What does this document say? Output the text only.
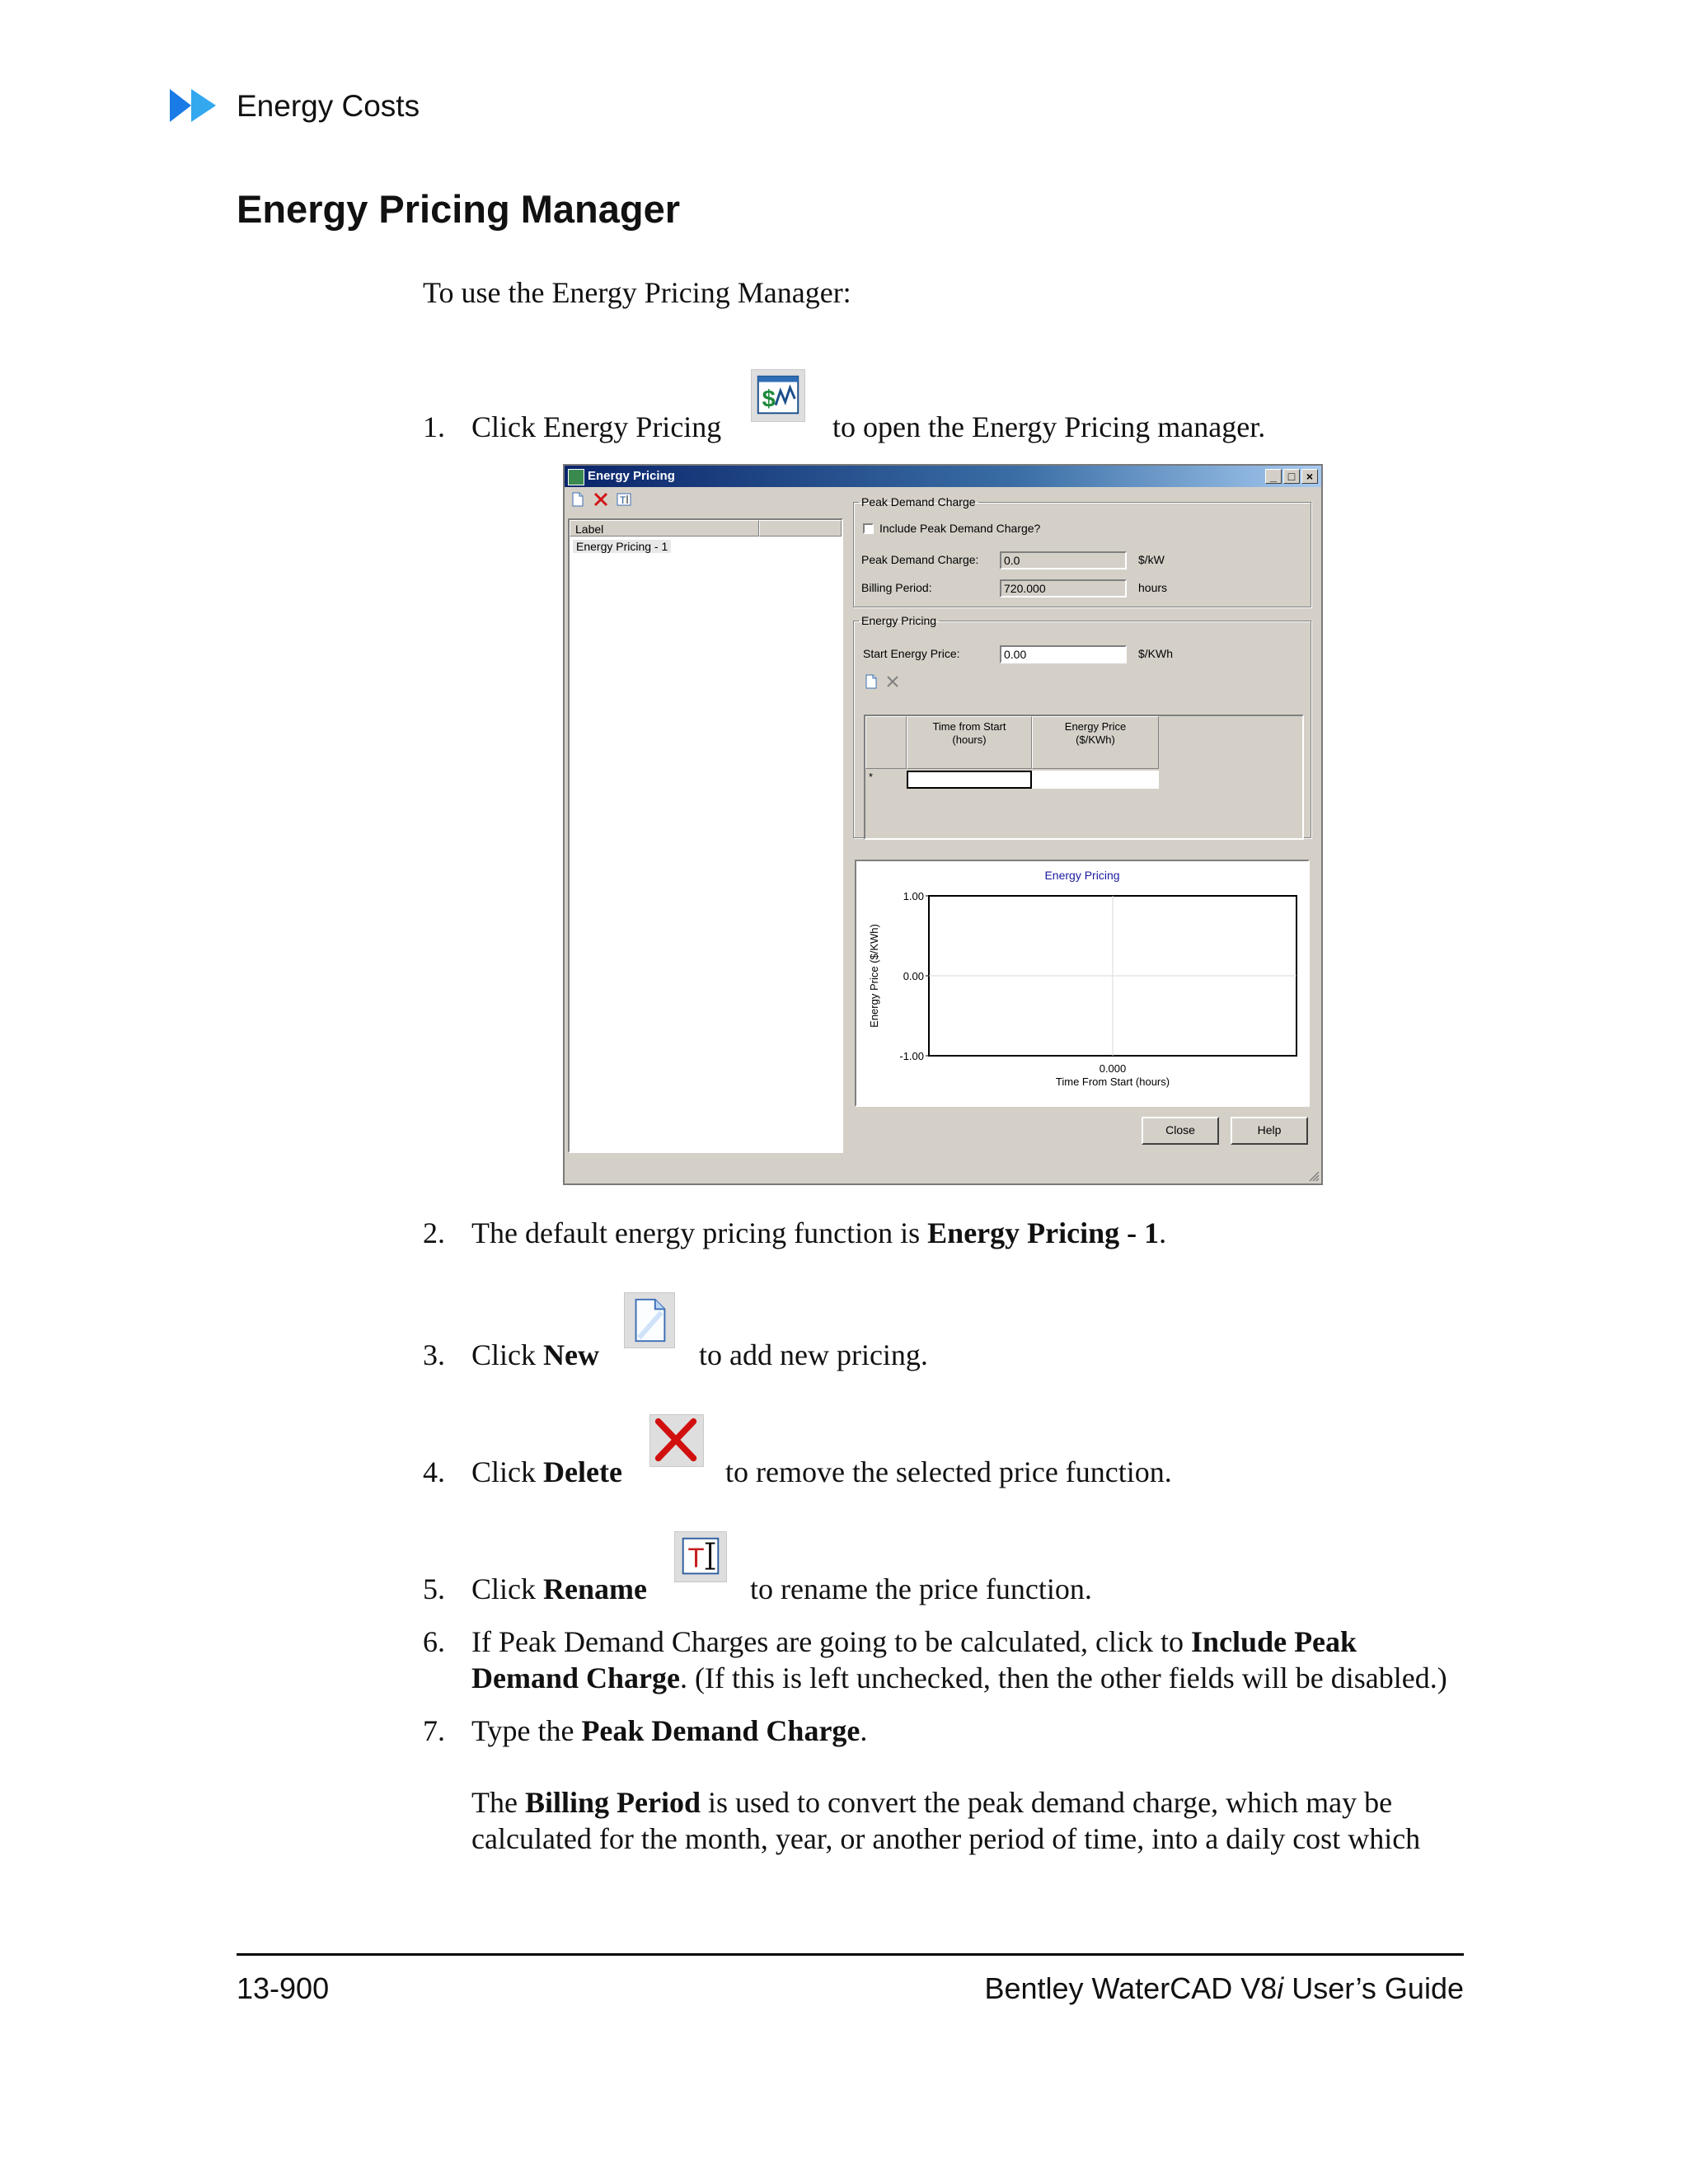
Energy Costs
Energy Pricing Manager
To use the Energy Pricing Manager:
1. Click Energy Pricing	to open the Energy Pricing manager.
$
Energy Pricing	_ □ ×
T
Label
Energy Pricing - 1
Peak Demand Charge
Include Peak Demand Charge?
Peak Demand Charge:	0.0	$/kW
Billing Period:	720.000	hours
Energy Pricing
Time from Start
(hours)
Energy Price
($/KWh)
*
Start Energy Price:	0.00	$/KWh
Energy Pricing
1.00
0.00
-1.00
0.000
Time From Start (hours)
Energy Price ($/KWh)
Close	Help
2. The default energy pricing function is Energy Pricing - 1.
3. Click New	to add new pricing.
4. Click Delete	to remove the selected price function.
5. Click Rename	to rename the price function.
T
6. If Peak Demand Charges are going to be calculated, click to Include Peak
Demand Charge. (If this is left unchecked, then the other fields will be disabled.)
7. Type the Peak Demand Charge.
The Billing Period is used to convert the peak demand charge, which may be
calculated for the month, year, or another period of time, into a daily cost which
13-900	Bentley WaterCAD V8i User’s Guide
